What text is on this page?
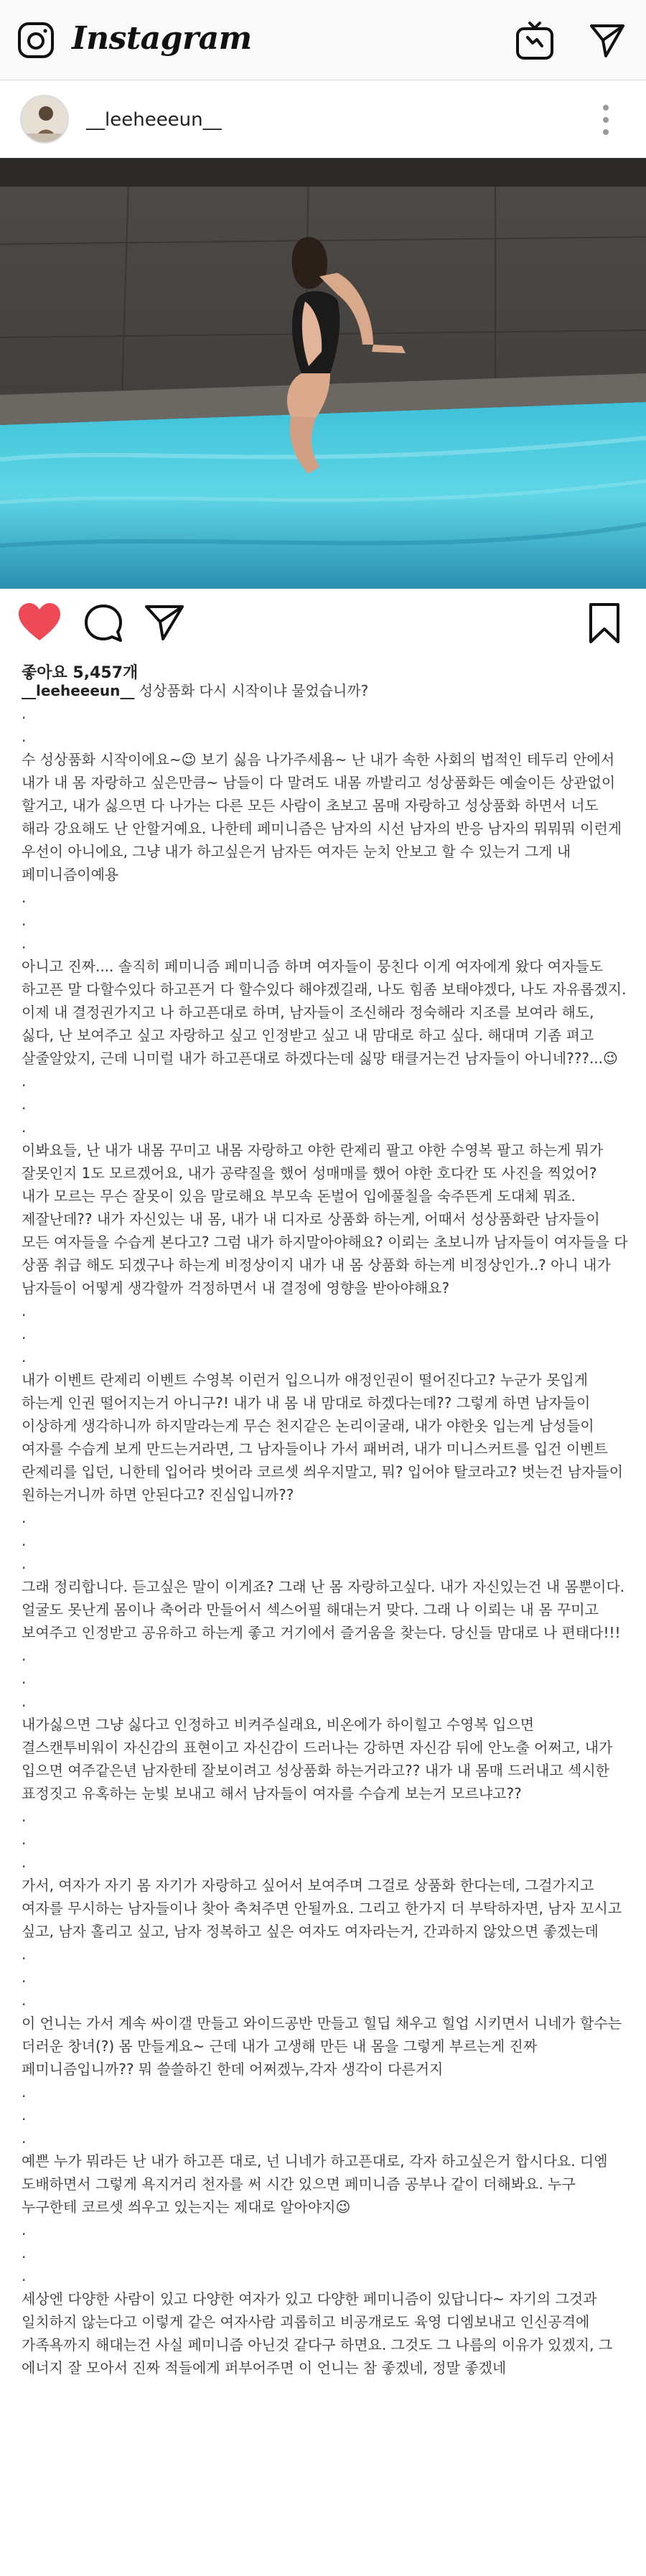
Instagram
__leeheeeun__
좋아요 5,457개
__leeheeeun__ 성상품화 다시 시작이냐 물었습니까?
.
.
수 성상품화 시작이에요~😉 보기 싫음 나가주세욤~ 난 내가 속한 사회의 법적인 테두리 안에서 내가 내 몸 자랑하고 싶은만큼~ 남들이 다 말려도 내몸 까발리고 성상품화든 예술이든 상관없이 할거고, 내가 싫으면 다 나가는 다른 모든 사람이 초보고 몸매 자랑하고 성상품화 하면서 너도 해라 강요해도 난 안할거예요. 나한테 페미니즘은 남자의 시선 남자의 반응 남자의 뭐뭐뭐 이런게 우선이 아니에요, 그냥 내가 하고싶은거 남자든 여자든 눈치 안보고 할 수 있는거 그게 내 페미니즘이예용
.
.
.
아니고 진짜.... 솔직히 페미니즘 페미니즘 하며 여자들이 뭉친다 이게 여자에게 왔다 여자들도 하고픈 말 다할수있다 하고픈거 다 할수있다 해야겠길래, 나도 힘좀 보태야겠다, 나도 자유롭겠지. 이제 내 결정권가지고 나 하고픈대로 하며, 남자들이 조신해라 정숙해라 지조를 보여라 해도, 싫다, 난 보여주고 싶고 자랑하고 싶고 인정받고 싶고 내 맘대로 하고 싶다. 해대며 기좀 펴고 살줄알았지, 근데 니미럴 내가 하고픈대로 하겠다는데 싫망 태클거는건 남자들이 아니네???...😉
.
.
.
이봐요들, 난 내가 내몸 꾸미고 내몸 자랑하고 야한 란제리 팔고 야한 수영복 팔고 하는게 뭐가 잘못인지 1도 모르겠어요, 내가 공략질을 했어 성매매를 했어 야한 호다칸 또 사진을 찍었어? 내가 모르는 무슨 잘못이 있음 말로해요 부모속 돈벌어 입에풀칠을 숙주뜬게 도대체 뭐죠. 제잘난데?? 내가 자신있는 내 몸, 내가 내 디자로 상품화 하는게, 어때서 성상품화란 남자들이 모든 여자들을 수습게 본다고? 그럼 내가 하지말아야해요? 이뢰는 초보니까 남자들이 여자들을 다 상품 취급 해도 되겠구나 하는게 비정상이지 내가 내 몸 상품화 하는게 비정상인가..? 아니 내가 남자들이 어떻게 생각할까 걱정하면서 내 결정에 영향을 받아야해요?
.
.
.
내가 이벤트 란제리 이벤트 수영복 이런거 입으니까 애정인권이 떨어진다고? 누군가 못입게 하는게 인권 떨어지는거 아니구?! 내가 내 몸 내 맘대로 하겠다는데?? 그렇게 하면 남자들이 이상하게 생각하니까 하지말라는게 무슨 천지같은 논리이굴래, 내가 야한옷 입는게 남성들이 여자를 수습게 보게 만드는거라면, 그 남자들이나 가서 패버려, 내가 미니스커트를 입건 이벤트 란제리를 입던, 니한테 입어라 벗어라 코르셋 씌우지말고, 뭐? 입어야 탈코라고? 벗는건 남자들이 원하는거니까 하면 안된다고? 진심입니까??
.
.
.
그래 정리합니다. 듣고싶은 말이 이게죠? 그래 난 몸 자랑하고싶다. 내가 자신있는건 내 몸뿐이다. 얼굴도 못난게 몸이나 축어라 만들어서 섹스어필 해대는거 맞다. 그래 나 이뢰는 내 몸 꾸미고 보여주고 인정받고 공유하고 하는게 좋고 거기에서 즐거움을 찾는다. 당신들 맘대로 나 편태다!!!
.
.
.
내가싫으면 그냥 싫다고 인정하고 비켜주실래요, 비온에가 하이힐고 수영복 입으면 결스캔투비워이 자신감의 표현이고 자신감이 드러나는 강하면 자신감 뒤에 안노출 어쩌고, 내가 입으면 여주같은년 남자한테 잘보이려고 성상품화 하는거라고?? 내가 내 몸매 드러내고 섹시한 표정짓고 유혹하는 눈빛 보내고 해서 남자들이 여자를 수습게 보는거 모르냐고??
.
.
.
가서, 여자가 자기 몸 자기가 자랑하고 싶어서 보여주며 그걸로 상품화 한다는데, 그걸가지고 여자를 무시하는 남자들이나 찾아 축쳐주면 안될까요. 그리고 한가지 더 부탁하자면, 남자 꼬시고 싶고, 남자 홀리고 싶고, 남자 정복하고 싶은 여자도 여자라는거, 간과하지 않았으면 좋겠는데
.
.
.
이 언니는 가서 계속 싸이갤 만들고 와이드공반 만들고 힐딥 채우고 힐업 시키면서 니네가 할수는 더러운 창녀(?) 몸 만들게요~ 근데 내가 고생해 만든 내 몸을 그렇게 부르는게 진짜 페미니즘입니까?? 뭐 쓸쓸하긴 한데 어쩌겠누,각자 생각이 다른거지
.
.
.
예쁜 누가 뭐라든 난 내가 하고픈 대로, 넌 니네가 하고픈대로, 각자 하고싶은거 합시다요. 디엠 도배하면서 그렇게 욕지거리 천자를 써 시간 있으면 페미니즘 공부나 같이 더해봐요. 누구 누구한테 코르셋 씌우고 있는지는 제대로 알아야지😉
.
.
.
세상엔 다양한 사람이 있고 다양한 여자가 있고 다양한 페미니즘이 있답니다~ 자기의 그것과 일치하지 않는다고 이렇게 같은 여자사람 괴롭히고 비공개로도 육영 디엠보내고 인신공격에 가족욕까지 해대는건 사실 페미니즘 아닌것 같다구 하면요. 그것도 그 나름의 이유가 있겠지, 그 에너지 잘 모아서 진짜 적들에게 퍼부어주면 이 언니는 참 좋겠네, 정말 좋겠네
